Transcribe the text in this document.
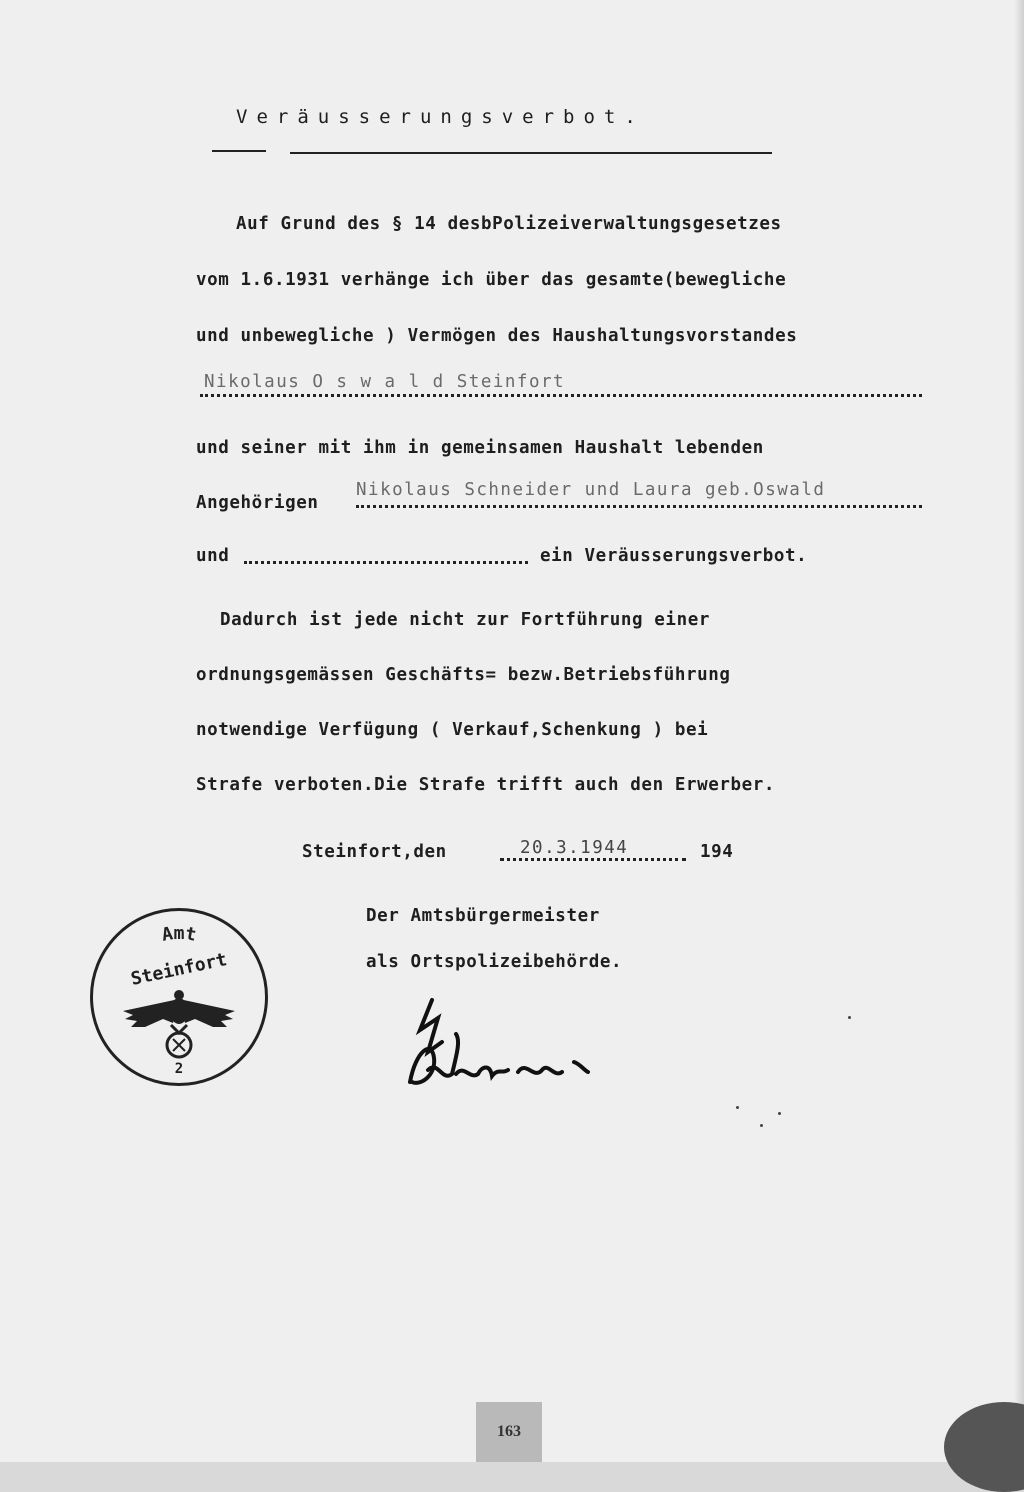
Veräusserungsverbot.
Auf Grund des § 14 desbPolizeiverwaltungsgesetzes
vom 1.6.1931 verhänge ich über das gesamte(bewegliche
und unbewegliche ) Vermögen des Haushaltungsvorstandes
Nikolaus O s w a l d Steinfort
und seiner mit ihm in gemeinsamen Haushalt lebenden
Angehörigen
Nikolaus Schneider und Laura geb.Oswald
und	ein Veräusserungsverbot.
Dadurch ist jede nicht zur Fortführung einer
ordnungsgemässen Geschäfts= bezw.Betriebsführung
notwendige Verfügung ( Verkauf,Schenkung ) bei
Strafe verboten.Die Strafe trifft auch den Erwerber.
Steinfort,den	20.3.1944	194
Der Amtsbürgermeister
als Ortspolizeibehörde.
Amt
Steinfort
2
163
